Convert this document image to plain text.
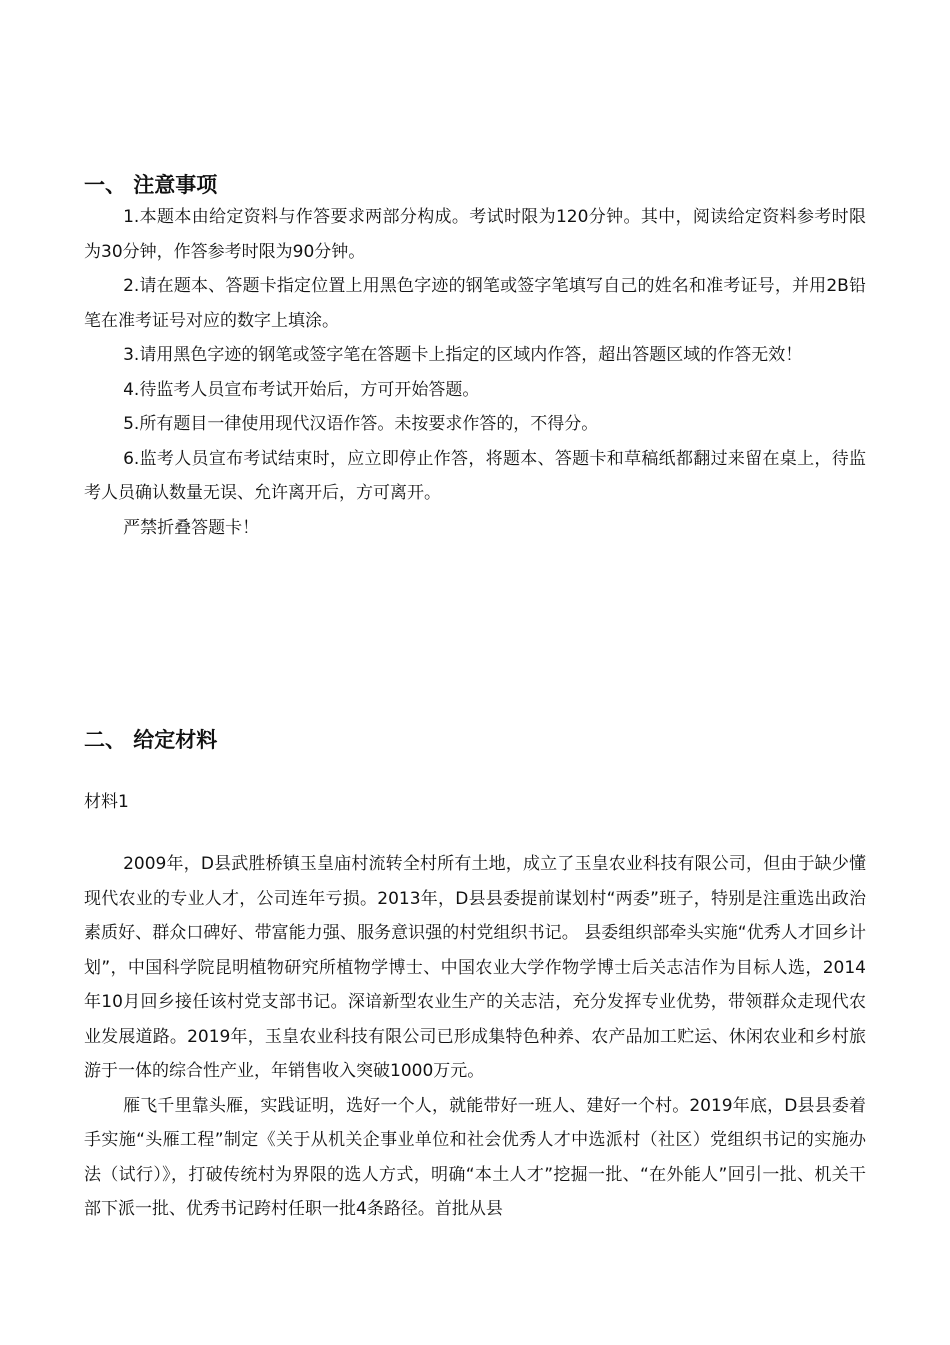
一、 注意事项

1.本题本由给定资料与作答要求两部分构成。考试时限为120分钟。其中，阅读给定资料参考时限为30分钟，作答参考时限为90分钟。

2.请在题本、答题卡指定位置上用黑色字迹的钢笔或签字笔填写自己的姓名和准考证号，并用2B铅笔在准考证号对应的数字上填涂。

3.请用黑色字迹的钢笔或签字笔在答题卡上指定的区域内作答，超出答题区域的作答无效！

4.待监考人员宣布考试开始后，方可开始答题。

5.所有题目一律使用现代汉语作答。未按要求作答的，不得分。

6.监考人员宣布考试结束时，应立即停止作答，将题本、答题卡和草稿纸都翻过来留在桌上，待监考人员确认数量无误、允许离开后，方可离开。

严禁折叠答题卡！

二、 给定材料
材料1

2009年，D县武胜桥镇玉皇庙村流转全村所有土地，成立了玉皇农业科技有限公司，但由于缺少懂现代农业的专业人才，公司连年亏损。2013年，D县县委提前谋划村“两委”班子，特别是注重选出政治素质好、群众口碑好、带富能力强、服务意识强的村党组织书记。 县委组织部牵头实施“优秀人才回乡计划”，中国科学院昆明植物研究所植物学博士、中国农业大学作物学博士后关志洁作为目标人选，2014年10月回乡接任该村党支部书记。深谙新型农业生产的关志洁，充分发挥专业优势，带领群众走现代农业发展道路。2019年，玉皇农业科技有限公司已形成集特色种养、农产品加工贮运、休闲农业和乡村旅游于一体的综合性产业，年销售收入突破1000万元。

雁飞千里靠头雁，实践证明，选好一个人，就能带好一班人、建好一个村。2019年底，D县县委着手实施“头雁工程”制定《关于从机关企事业单位和社会优秀人才中选派村（社区）党组织书记的实施办法（试行）》，打破传统村为界限的选人方式，明确“本土人才”挖掘一批、“在外能人”回引一批、机关干部下派一批、优秀书记跨村任职一批4条路径。首批从县
